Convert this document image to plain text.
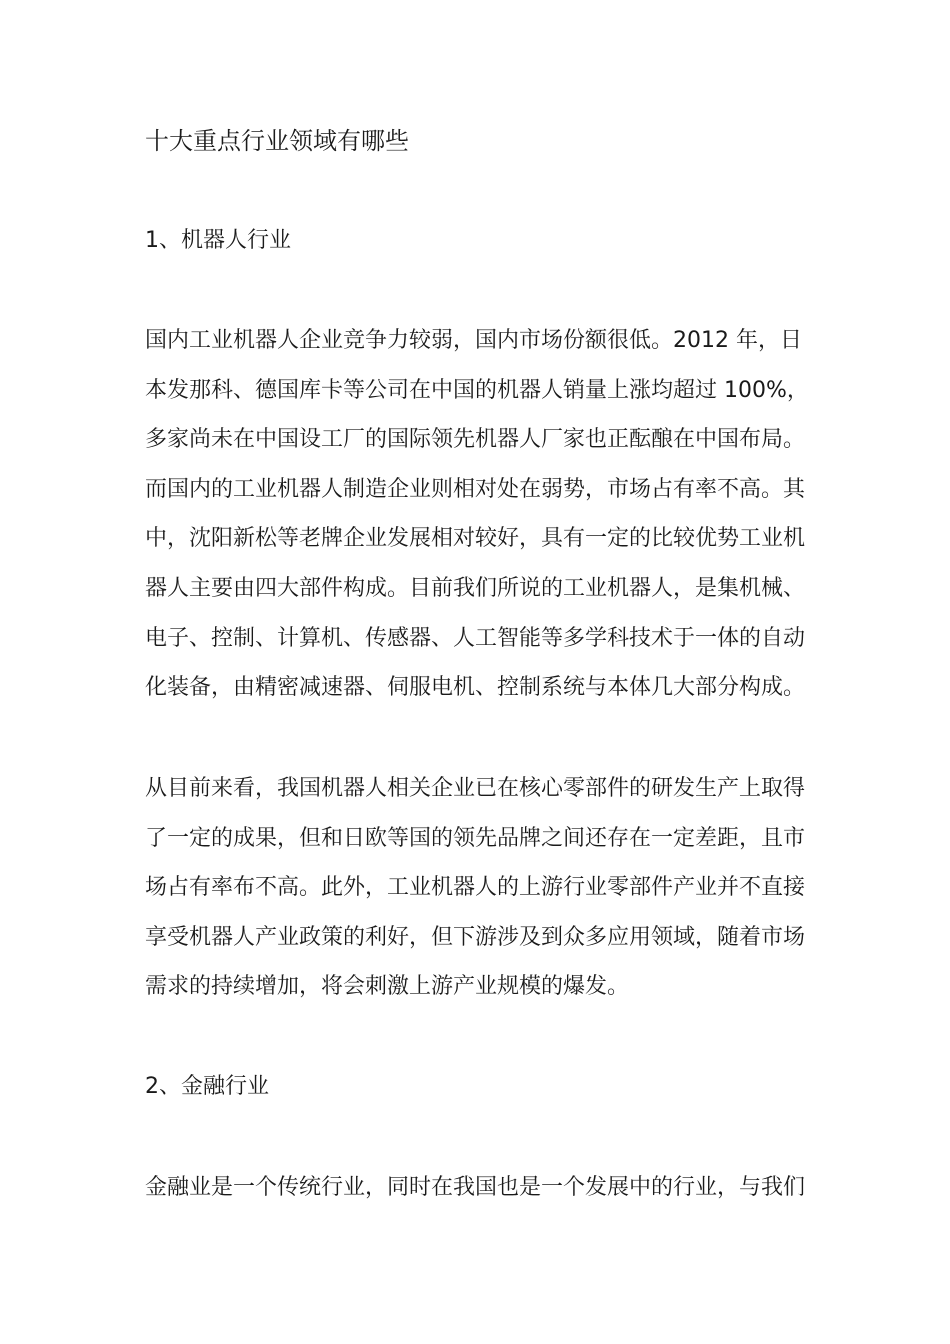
十大重点行业领域有哪些
1、机器人行业

国内工业机器人企业竞争力较弱，国内市场份额很低。2012 年，日
本发那科、德国库卡等公司在中国的机器人销量上涨均超过 100%，
多家尚未在中国设工厂的国际领先机器人厂家也正酝酿在中国布局。
而国内的工业机器人制造企业则相对处在弱势，市场占有率不高。其
中，沈阳新松等老牌企业发展相对较好，具有一定的比较优势工业机
器人主要由四大部件构成。目前我们所说的工业机器人，是集机械、
电子、控制、计算机、传感器、人工智能等多学科技术于一体的自动
化装备，由精密减速器、伺服电机、控制系统与本体几大部分构成。

从目前来看，我国机器人相关企业已在核心零部件的研发生产上取得
了一定的成果，但和日欧等国的领先品牌之间还存在一定差距，且市
场占有率布不高。此外，工业机器人的上游行业零部件产业并不直接
享受机器人产业政策的利好，但下游涉及到众多应用领域，随着市场
需求的持续增加，将会刺激上游产业规模的爆发。

2、金融行业

金融业是一个传统行业，同时在我国也是一个发展中的行业，与我们
